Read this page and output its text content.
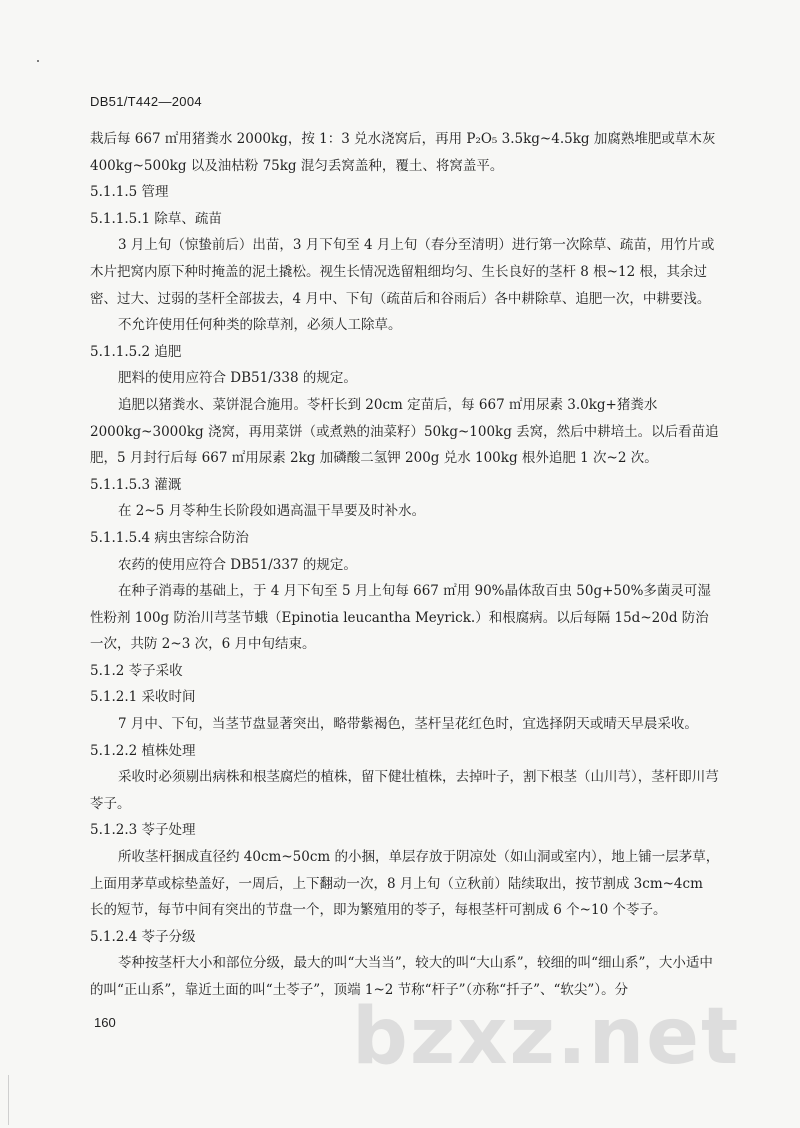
DB51/T442—2004

栽后每 667 ㎡用猪粪水 2000kg，按 1：3 兑水浇窝后，再用 P₂O₅ 3.5kg~4.5kg 加腐熟堆肥或草木灰 400kg~500kg 以及油枯粉 75kg 混匀丢窝盖种，覆土、将窝盖平。

5.1.1.5 管理

5.1.1.5.1 除草、疏苗

3 月上旬（惊蛰前后）出苗，3 月下旬至 4 月上旬（春分至清明）进行第一次除草、疏苗，用竹片或木片把窝内原下种时掩盖的泥土撬松。视生长情况选留粗细均匀、生长良好的茎杆 8 根~12 根，其余过密、过大、过弱的茎杆全部拔去，4 月中、下旬（疏苗后和谷雨后）各中耕除草、追肥一次，中耕要浅。

不允许使用任何种类的除草剂，必须人工除草。

5.1.1.5.2 追肥

肥料的使用应符合 DB51/338 的规定。

追肥以猪粪水、菜饼混合施用。苓杆长到 20cm 定苗后，每 667 ㎡用尿素 3.0kg+猪粪水 2000kg~3000kg 浇窝，再用菜饼（或煮熟的油菜籽）50kg~100kg 丢窝，然后中耕培土。以后看苗追肥，5 月封行后每 667 ㎡用尿素 2kg 加磷酸二氢钾 200g 兑水 100kg 根外追肥 1 次~2 次。

5.1.1.5.3 灌溉

在 2~5 月苓种生长阶段如遇高温干旱要及时补水。

5.1.1.5.4 病虫害综合防治

农药的使用应符合 DB51/337 的规定。

在种子消毒的基础上，于 4 月下旬至 5 月上旬每 667 ㎡用 90%晶体敌百虫 50g+50%多菌灵可湿性粉剂 100g 防治川芎茎节蛾（Epinotia leucantha Meyrick.）和根腐病。以后每隔 15d~20d 防治一次，共防 2~3 次，6 月中旬结束。

5.1.2 苓子采收

5.1.2.1 采收时间

7 月中、下旬，当茎节盘显著突出，略带紫褐色，茎杆呈花红色时，宜选择阴天或晴天早晨采收。

5.1.2.2 植株处理

采收时必须剔出病株和根茎腐烂的植株，留下健壮植株，去掉叶子，割下根茎（山川芎），茎杆即川芎苓子。

5.1.2.3 苓子处理

所收茎杆捆成直径约 40cm~50cm 的小捆，单层存放于阴凉处（如山洞或室内），地上铺一层茅草，上面用茅草或棕垫盖好，一周后，上下翻动一次，8 月上旬（立秋前）陆续取出，按节割成 3cm~4cm 长的短节，每节中间有突出的节盘一个，即为繁殖用的苓子，每根茎杆可割成 6 个~10 个苓子。

5.1.2.4 苓子分级

苓种按茎杆大小和部位分级，最大的叫“大当当”，较大的叫“大山系”，较细的叫“细山系”，大小适中的叫“正山系”，靠近土面的叫“土苓子”，顶端 1~2 节称“杆子”（亦称“扦子”、“软尖”）。分

160	bzxz.net
